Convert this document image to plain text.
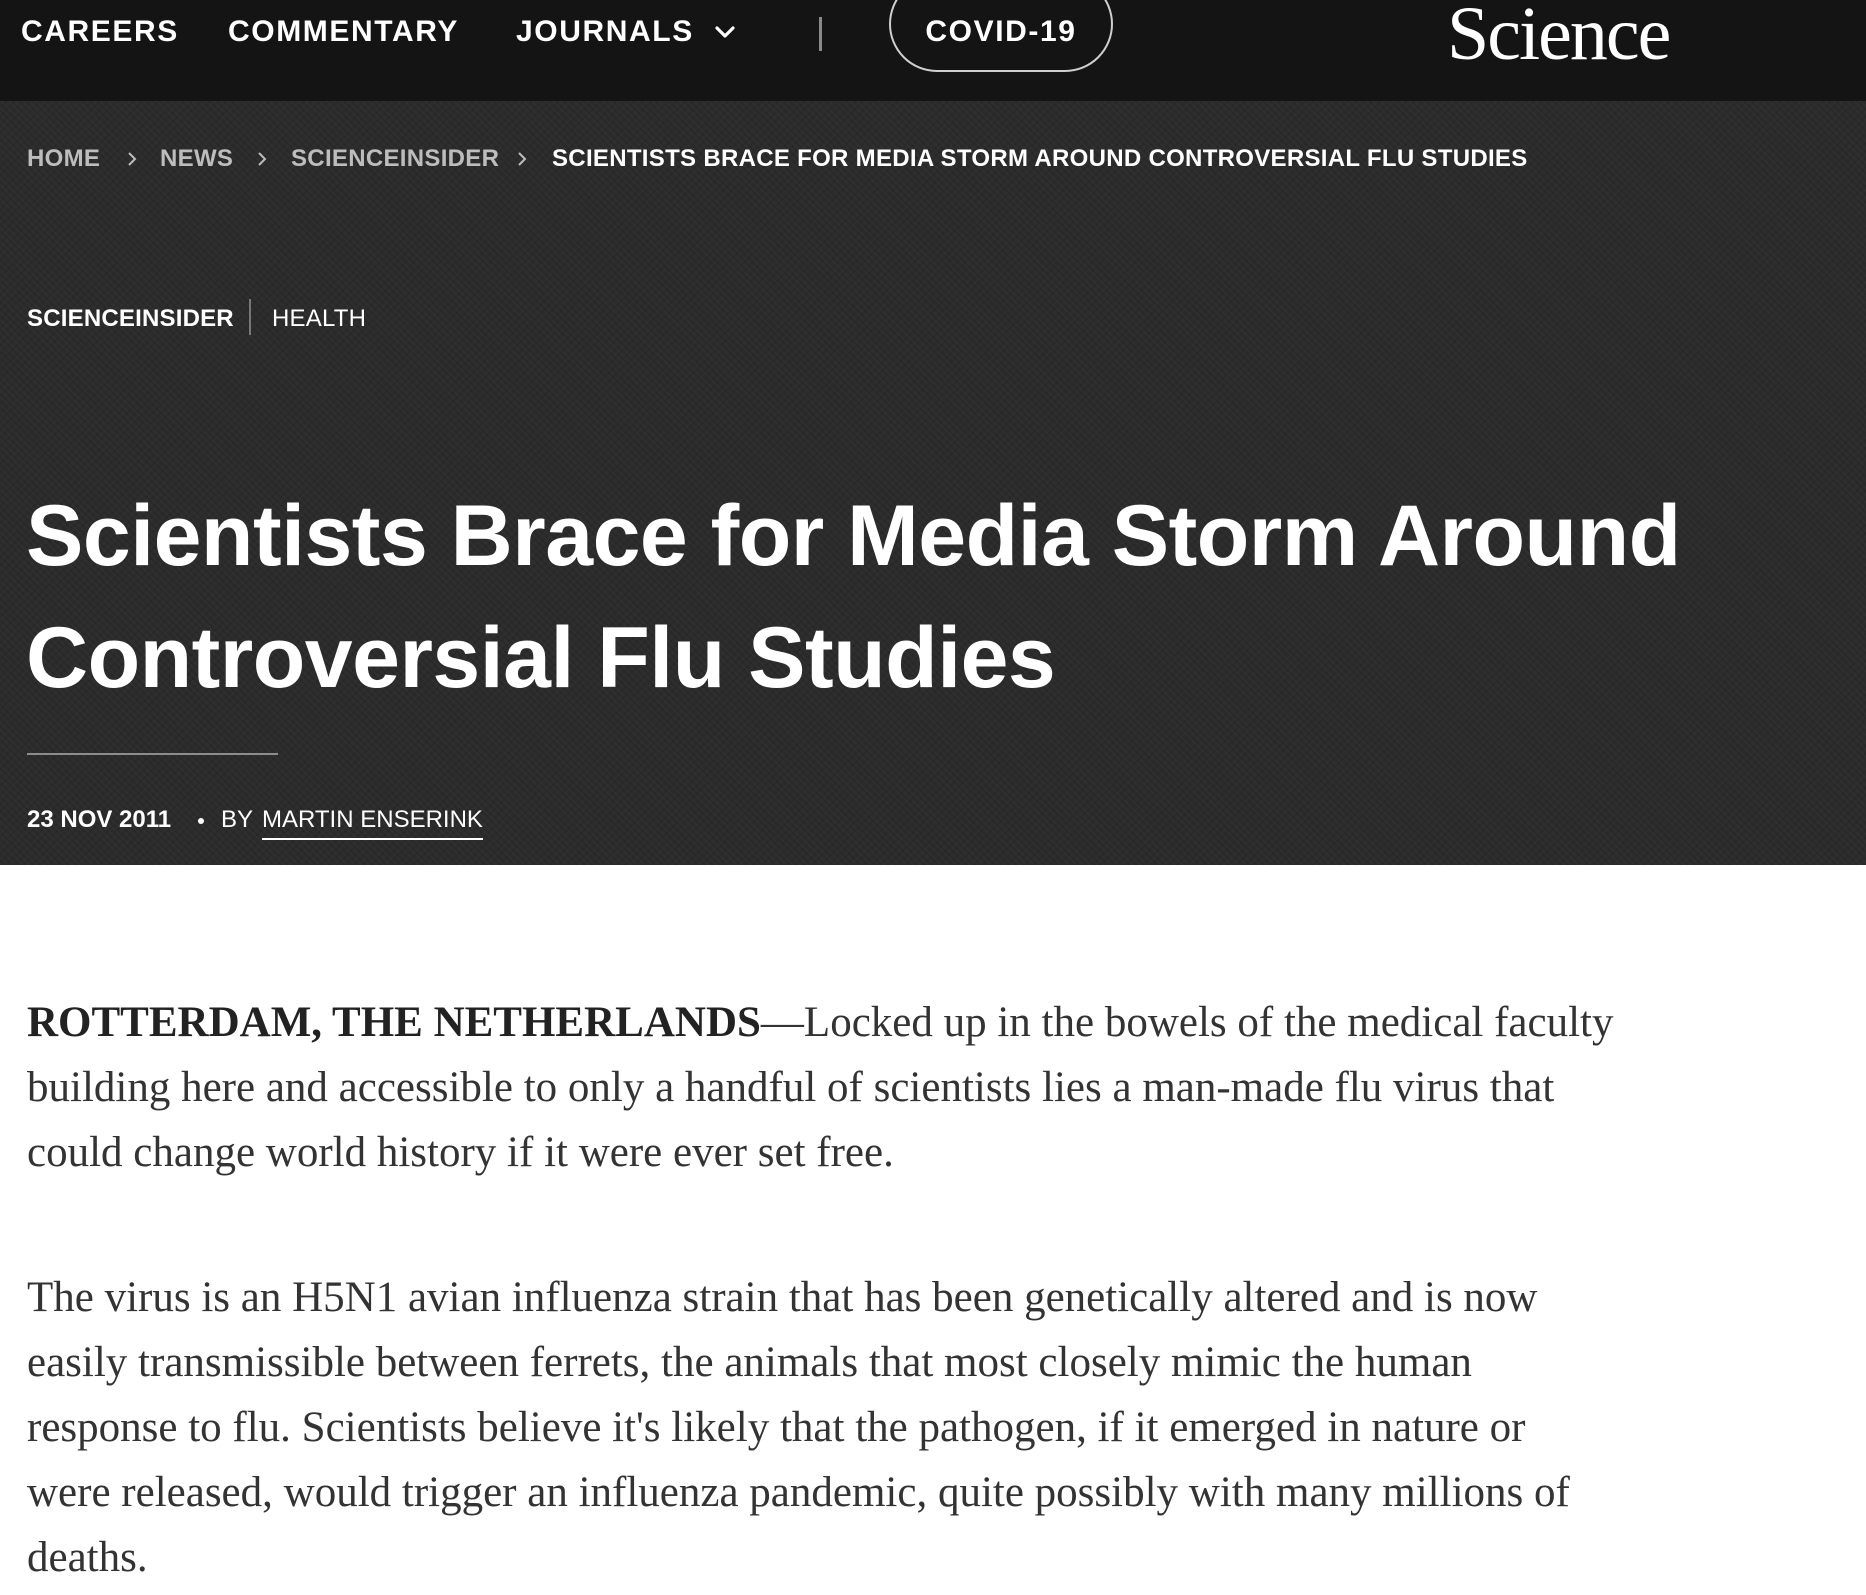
CAREERS COMMENTARY JOURNALS	COVID-19	Science
HOME NEWS SCIENCEINSIDER SCIENTISTS BRACE FOR MEDIA STORM AROUND CONTROVERSIAL FLU STUDIES
SCIENCEINSIDER HEALTH
Scientists Brace for Media Storm Around
Controversial Flu Studies
23 NOV 2011 BY MARTIN ENSERINK

ROTTERDAM, THE NETHERLANDS—Locked up in the bowels of the medical faculty
building here and accessible to only a handful of scientists lies a man-made flu virus that
could change world history if it were ever set free.

The virus is an H5N1 avian influenza strain that has been genetically altered and is now
easily transmissible between ferrets, the animals that most closely mimic the human
response to flu. Scientists believe it's likely that the pathogen, if it emerged in nature or
were released, would trigger an influenza pandemic, quite possibly with many millions of
deaths.
